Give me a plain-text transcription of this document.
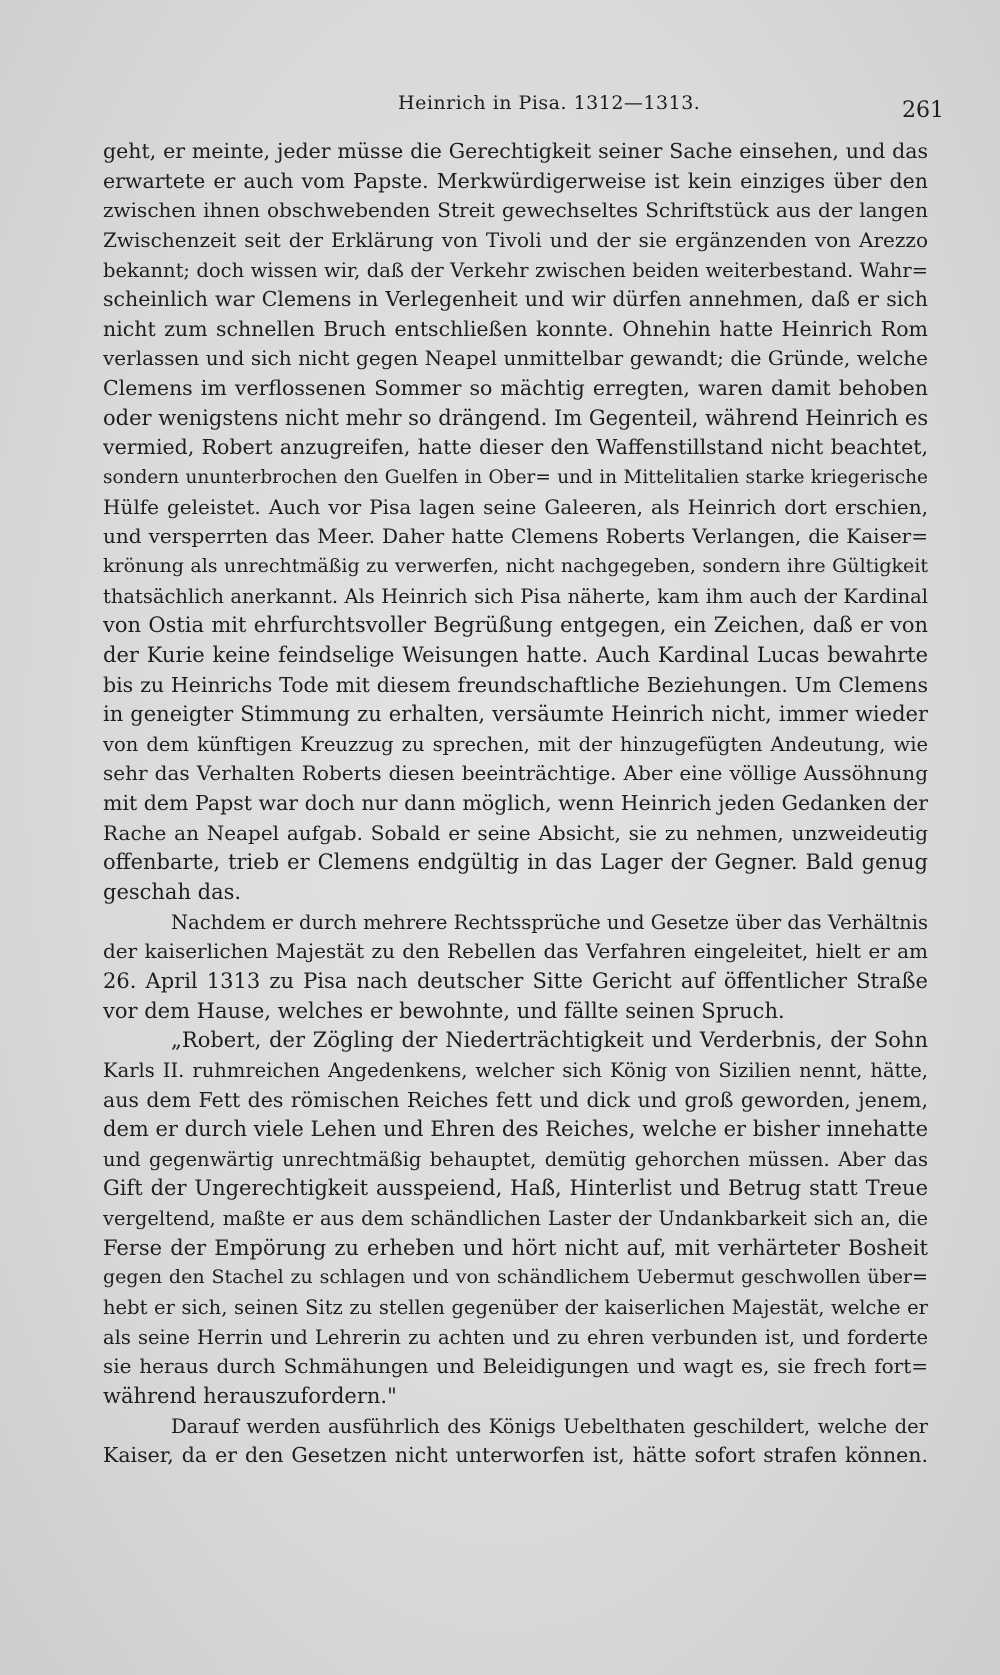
Heinrich in Pisa. 1312—1313.	261
geht, er meinte, jeder müsse die Gerechtigkeit seiner Sache einsehen, und das
erwartete er auch vom Papste. Merkwürdigerweise ist kein einziges über den
zwischen ihnen obschwebenden Streit gewechseltes Schriftstück aus der langen
Zwischenzeit seit der Erklärung von Tivoli und der sie ergänzenden von Arezzo
bekannt; doch wissen wir, daß der Verkehr zwischen beiden weiterbestand. Wahr=
scheinlich war Clemens in Verlegenheit und wir dürfen annehmen, daß er sich
nicht zum schnellen Bruch entschließen konnte. Ohnehin hatte Heinrich Rom
verlassen und sich nicht gegen Neapel unmittelbar gewandt; die Gründe, welche
Clemens im verflossenen Sommer so mächtig erregten, waren damit behoben
oder wenigstens nicht mehr so drängend. Im Gegenteil, während Heinrich es
vermied, Robert anzugreifen, hatte dieser den Waffenstillstand nicht beachtet,
sondern ununterbrochen den Guelfen in Ober= und in Mittelitalien starke kriegerische
Hülfe geleistet. Auch vor Pisa lagen seine Galeeren, als Heinrich dort erschien,
und versperrten das Meer. Daher hatte Clemens Roberts Verlangen, die Kaiser=
krönung als unrechtmäßig zu verwerfen, nicht nachgegeben, sondern ihre Gültigkeit
thatsächlich anerkannt. Als Heinrich sich Pisa näherte, kam ihm auch der Kardinal
von Ostia mit ehrfurchtsvoller Begrüßung entgegen, ein Zeichen, daß er von
der Kurie keine feindselige Weisungen hatte. Auch Kardinal Lucas bewahrte
bis zu Heinrichs Tode mit diesem freundschaftliche Beziehungen. Um Clemens
in geneigter Stimmung zu erhalten, versäumte Heinrich nicht, immer wieder
von dem künftigen Kreuzzug zu sprechen, mit der hinzugefügten Andeutung, wie
sehr das Verhalten Roberts diesen beeinträchtige. Aber eine völlige Aussöhnung
mit dem Papst war doch nur dann möglich, wenn Heinrich jeden Gedanken der
Rache an Neapel aufgab. Sobald er seine Absicht, sie zu nehmen, unzweideutig
offenbarte, trieb er Clemens endgültig in das Lager der Gegner. Bald genug
geschah das.
Nachdem er durch mehrere Rechtssprüche und Gesetze über das Verhältnis
der kaiserlichen Majestät zu den Rebellen das Verfahren eingeleitet, hielt er am
26. April 1313 zu Pisa nach deutscher Sitte Gericht auf öffentlicher Straße
vor dem Hause, welches er bewohnte, und fällte seinen Spruch.
„Robert, der Zögling der Niederträchtigkeit und Verderbnis, der Sohn
Karls II. ruhmreichen Angedenkens, welcher sich König von Sizilien nennt, hätte,
aus dem Fett des römischen Reiches fett und dick und groß geworden, jenem,
dem er durch viele Lehen und Ehren des Reiches, welche er bisher innehatte
und gegenwärtig unrechtmäßig behauptet, demütig gehorchen müssen. Aber das
Gift der Ungerechtigkeit ausspeiend, Haß, Hinterlist und Betrug statt Treue
vergeltend, maßte er aus dem schändlichen Laster der Undankbarkeit sich an, die
Ferse der Empörung zu erheben und hört nicht auf, mit verhärteter Bosheit
gegen den Stachel zu schlagen und von schändlichem Uebermut geschwollen über=
hebt er sich, seinen Sitz zu stellen gegenüber der kaiserlichen Majestät, welche er
als seine Herrin und Lehrerin zu achten und zu ehren verbunden ist, und forderte
sie heraus durch Schmähungen und Beleidigungen und wagt es, sie frech fort=
während herauszufordern."
Darauf werden ausführlich des Königs Uebelthaten geschildert, welche der
Kaiser, da er den Gesetzen nicht unterworfen ist, hätte sofort strafen können.
